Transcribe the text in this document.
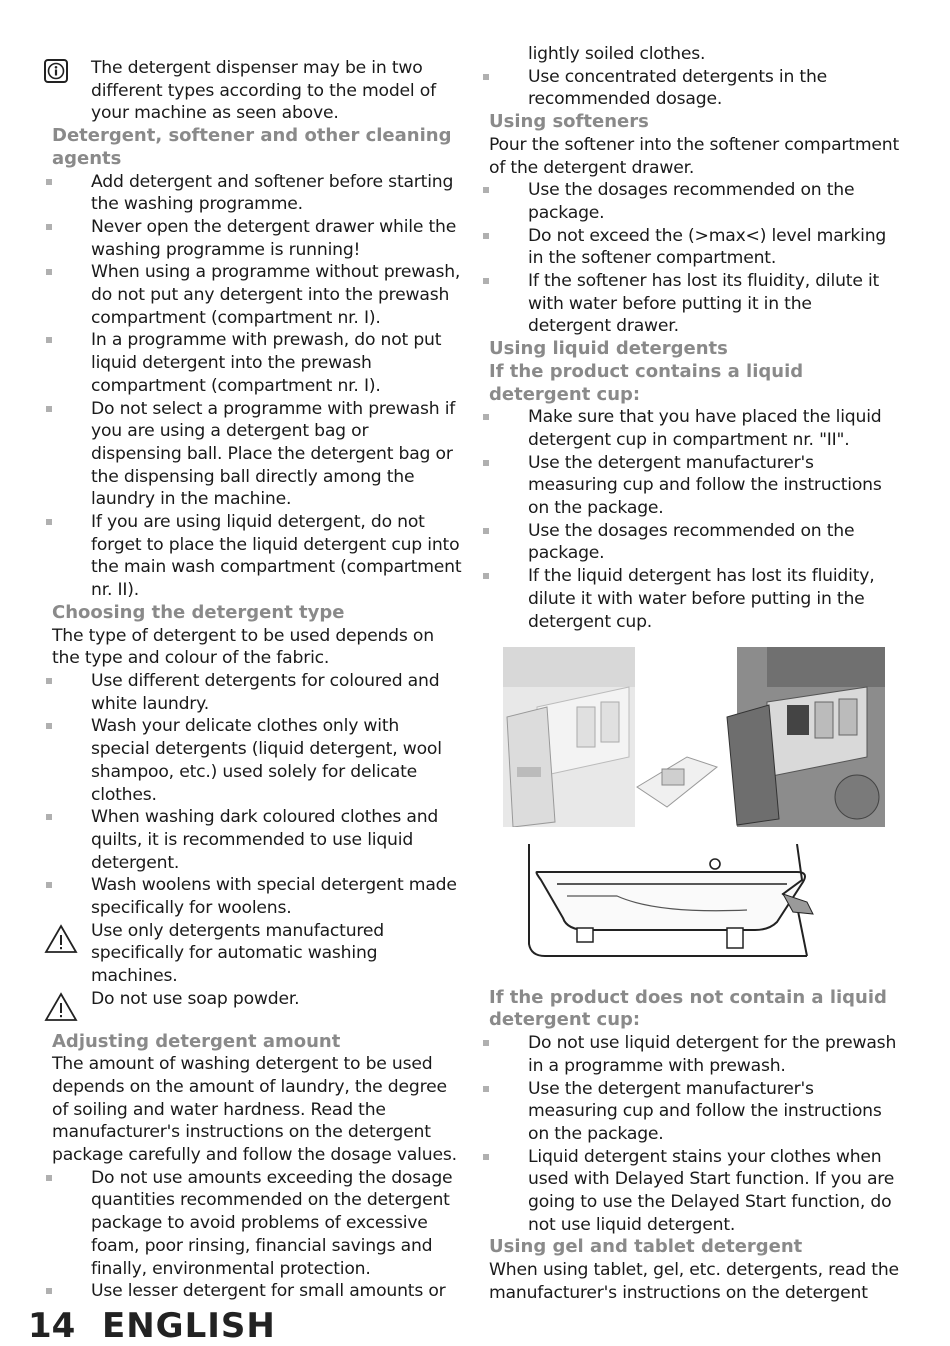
The detergent dispenser may be in two different types according to the model of your machine as seen above.
Detergent, softener and other cleaning agents
Add detergent and softener before starting the washing programme.
Never open the detergent drawer while the washing programme is running!
When using a programme without prewash, do not put any detergent into the prewash compartment (compartment nr. I).
In a programme with prewash, do not put liquid detergent into the prewash compartment (compartment nr. I).
Do not select a programme with prewash if you are using a detergent bag or dispensing ball. Place the detergent bag or the dispensing ball directly among the laundry in the machine.
If you are using liquid detergent, do not forget to place the liquid detergent cup into the main wash compartment (compartment nr. II).
Choosing the detergent type

The type of detergent to be used depends on the type and colour of the fabric.

Use different detergents for coloured and white laundry.
Wash your delicate clothes only with special detergents (liquid detergent, wool shampoo, etc.) used solely for delicate clothes.
When washing dark coloured clothes and quilts, it is recommended to use liquid detergent.
Wash woolens with special detergent made specifically for woolens.
Use only detergents manufactured specifically for automatic washing machines.
Do not use soap powder.
Adjusting detergent amount

The amount of washing detergent to be used depends on the amount of laundry, the degree of soiling and water hardness. Read the manufacturer's instructions on the detergent package carefully and follow the dosage values.

Do not use amounts exceeding the dosage quantities recommended on the detergent package to avoid problems of excessive foam, poor rinsing, financial savings and finally, environmental protection.
Use lesser detergent for small amounts or
lightly soiled clothes.
Use concentrated detergents in the recommended dosage.
Using softeners

Pour the softener into the softener compartment of the detergent drawer.

Use the dosages recommended on the package.
Do not exceed the (>max<) level marking in the softener compartment.
If the softener has lost its fluidity, dilute it with water before putting it in the detergent drawer.
Using liquid detergents
If the product contains a liquid detergent cup:
Make sure that you have placed the liquid detergent cup in compartment nr. "II".
Use the detergent manufacturer's measuring cup and follow the instructions on the package.
Use the dosages recommended on the package.
If the liquid detergent has lost its fluidity, dilute it with water before putting in the detergent cup.

If the product does not contain a liquid detergent cup:
Do not use liquid detergent for the prewash in a programme with prewash.
Use the detergent manufacturer's measuring cup and follow the instructions on the package.
Liquid detergent stains your clothes when used with Delayed Start function. If you are going to use the Delayed Start function, do not use liquid detergent.
Using gel and tablet detergent

When using tablet, gel, etc. detergents, read the manufacturer's instructions on the detergent

14 ENGLISH
